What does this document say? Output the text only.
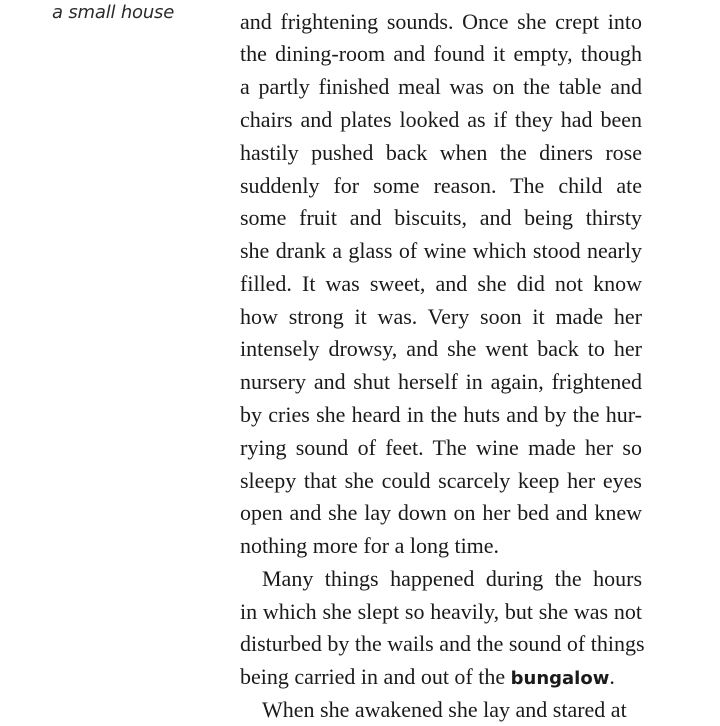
a small house	and frightening sounds. Once she crept into
the dining-room and found it empty, though
a partly finished meal was on the table and
chairs and plates looked as if they had been
hastily pushed back when the diners rose
suddenly for some reason. The child ate
some fruit and biscuits, and being thirsty
she drank a glass of wine which stood nearly
filled. It was sweet, and she did not know
how strong it was. Very soon it made her
intensely drowsy, and she went back to her
nursery and shut herself in again, frightened
by cries she heard in the huts and by the hur-
rying sound of feet. The wine made her so
sleepy that she could scarcely keep her eyes
open and she lay down on her bed and knew
nothing more for a long time.
Many things happened during the hours
in which she slept so heavily, but she was not
disturbed by the wails and the sound of things
being carried in and out of the bungalow.
When she awakened she lay and stared at
